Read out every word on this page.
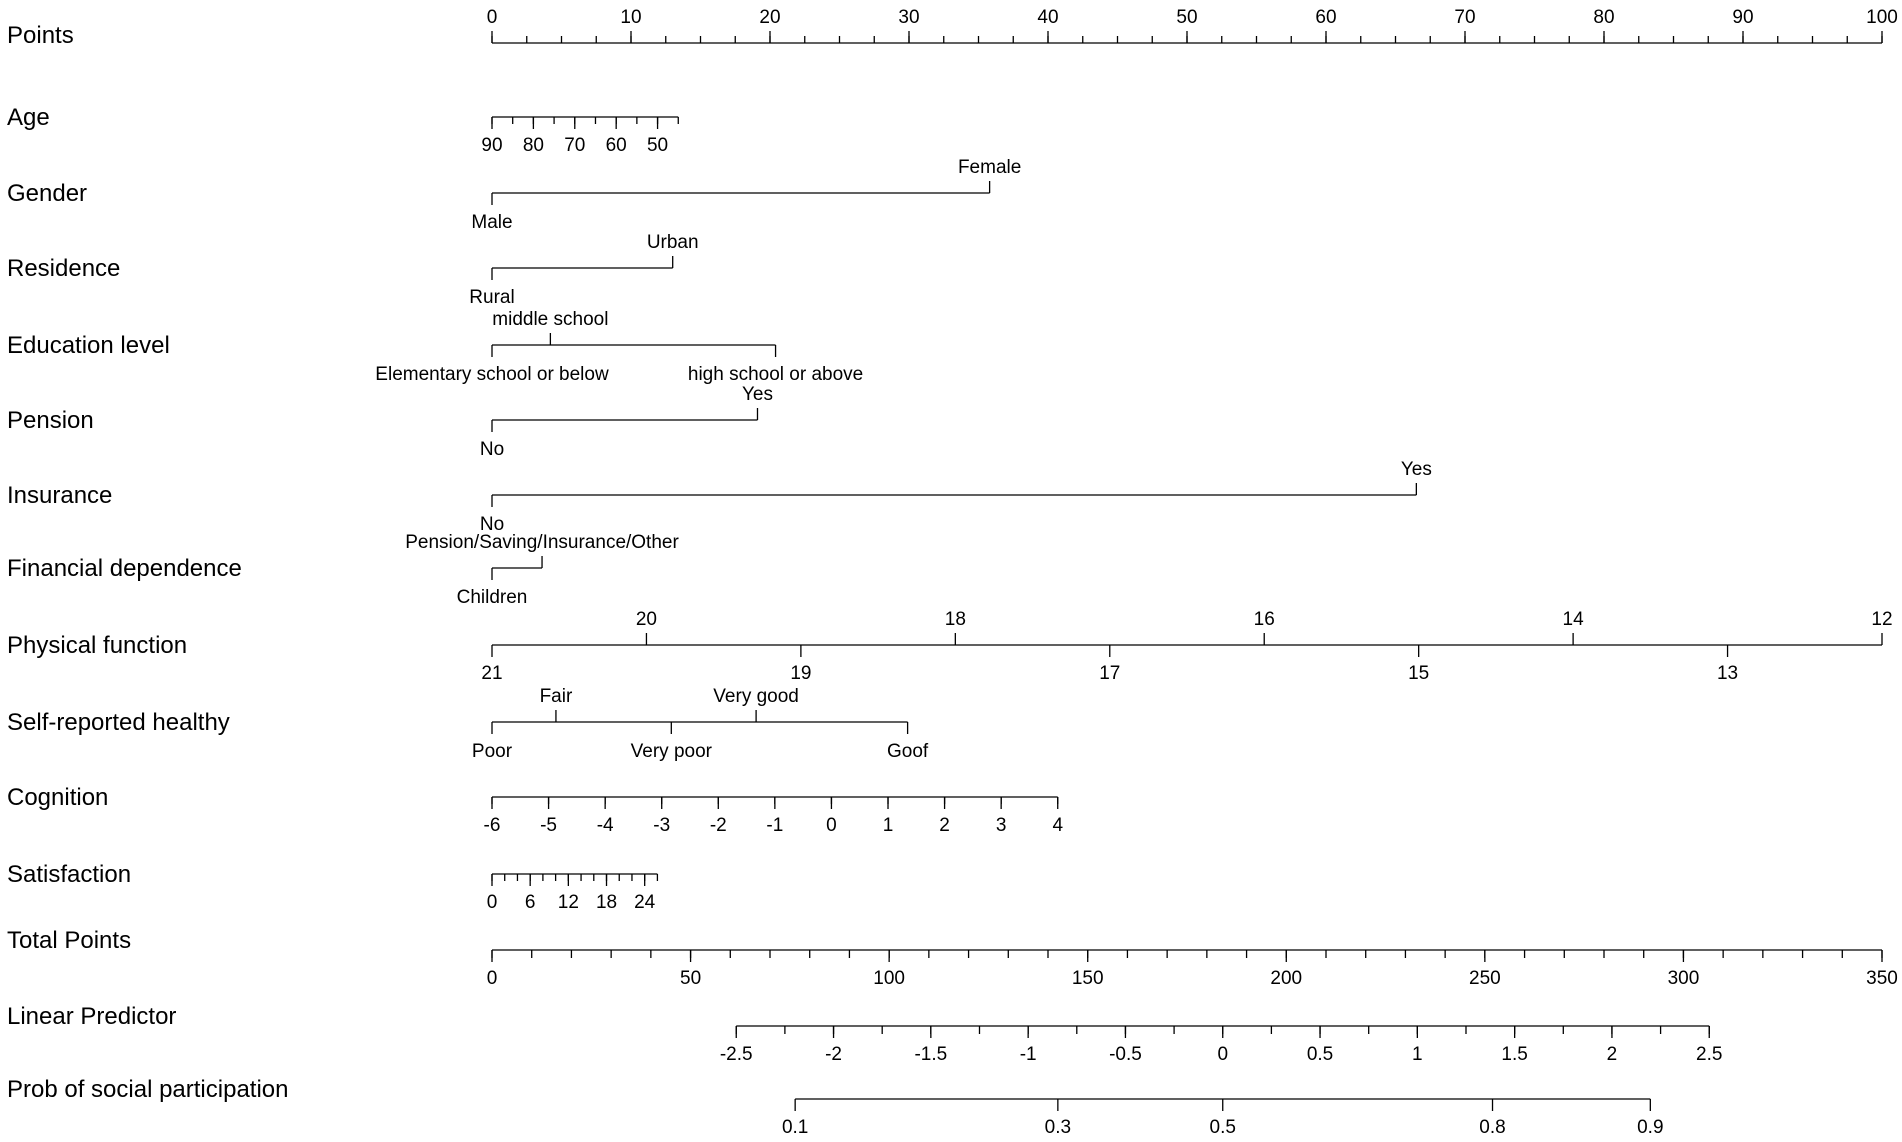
Points
0	10	20	30	40	50	60	70	80	90	100
Age
90 80 70 60 50
Gender
Male
Female
Residence
Rural
Urban
Education level
Elementary school or below
middle school
high school or above
Pension
No
Yes
Insurance
No
Yes
Financial dependence
Children
Pension/Saving/Insurance/Other
Physical function
20	18	16	14	12
21	19	17	15	13
Self-reported healthy
Poor
Fair
Very poor
Very good
Goof
Cognition
-6 -5 -4 -3 -2 -1 0 1 2 3 4
Satisfaction
0 6 12 18 24
Total Points
0	50	100	150	200	250	300	350
Linear Predictor
-2.5	-2	-1.5	-1	-0.5	0	0.5	1	1.5	2	2.5
Prob of social participation
0.1	0.3	0.5	0.8	0.9
